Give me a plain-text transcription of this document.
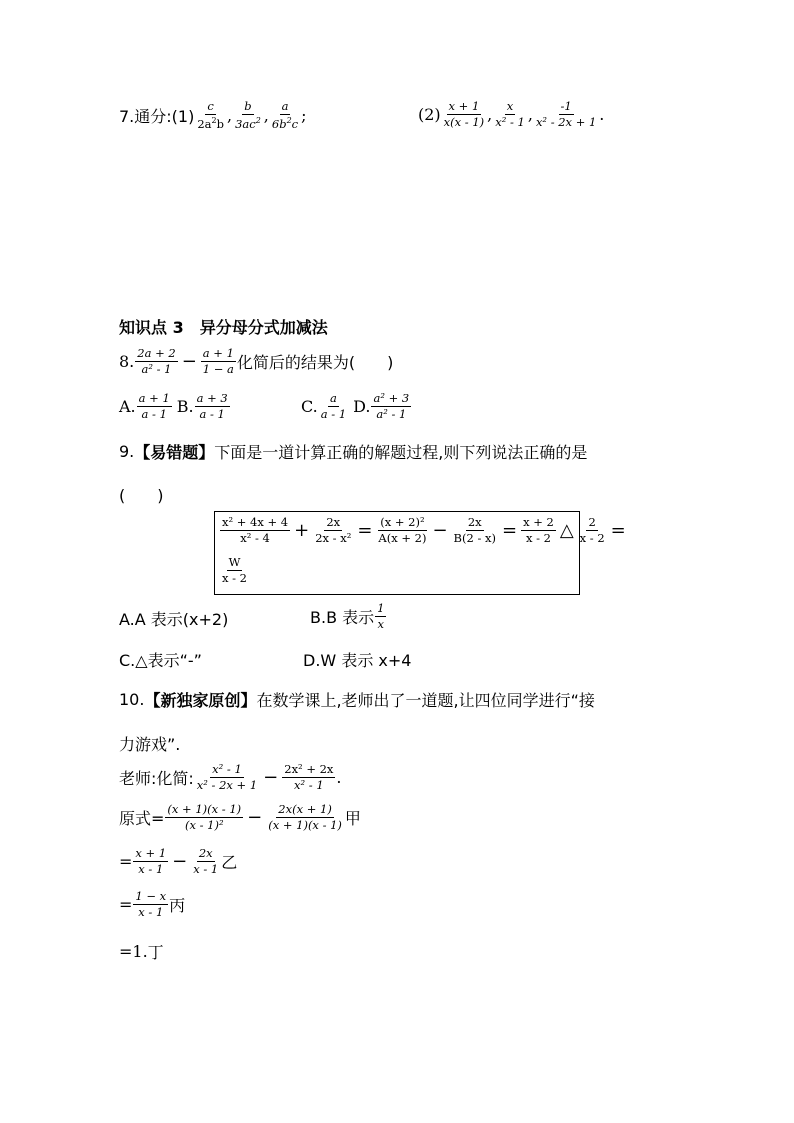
7.通分:(1) $\frac{c}{2a^2b}$ , $\frac{b}{3ac^2}$ , $\frac{a}{6b^2c}$ ;	$(2) \frac{x + 1}{x(x - 1)}$ , $\frac{x}{\text{x² - 1}}$ , $\frac{-1}{\text{x² - 2x + 1}}$ .
知识点 3　异分母分式加减法
8. $\frac{2a + 2}{\text{a² - 1}} - \frac{a + 1}{1 - a}$ 化简后的结果为(　　)
A. $\frac{a + 1}{a - 1} B$. $\frac{a + 3}{a - 1}$	C. $\frac{a}{a - 1} D$. $\frac{\text{a² + 3}}{\text{a² - 1}}$
9. 【易错题】 下面是一道计算正确的解题过程,则下列说法正确的是
(　　)
$\frac{\text{x² + 4x + 4}}{\text{x² - 4}} + \frac{2x}{\text{2x - x²}} = \frac{\text{(x + 2)²}}{A(x + 2)} - \frac{2x}{B(2 - x)} = \frac{x + 2}{x - 2}$ △ $\frac{2}{x - 2}$ =
$\frac{W}{x - 2}$
A.A 表示(x+2)	B.B 表示 $\frac{1}{x}$
C.△表示“-”	D.W 表示 x+4
10. 【新独家原创】 在数学课上,老师出了一道题,让四位同学进行“接
力游戏”.
老师:化简: $\frac{\text{x² - 1}}{\text{x² - 2x + 1}} - \frac{\text{2x² + 2x}}{\text{x² - 1}}$ .
原式= $\frac{(x + 1)(x - 1)}{\text{(x - 1)²}} - \frac{2x(x + 1)}{(x + 1)(x - 1)}$ 甲
= $\frac{x + 1}{x - 1} - \frac{2x}{x - 1}$ 乙
= $\frac{1 - x}{x - 1}$ 丙
=1. 丁
